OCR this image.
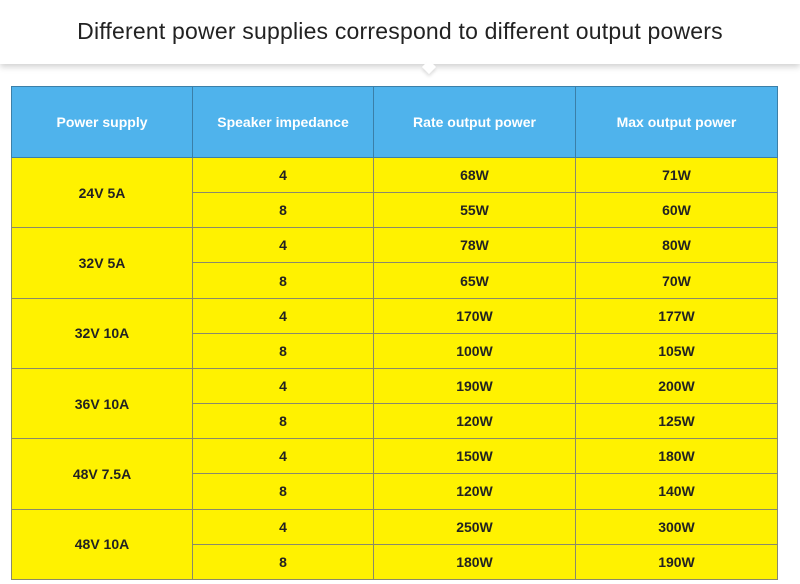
Different power supplies correspond to different output powers
Power supply	Speaker impedance	Rate output power	Max output power
24V 5A	4	68W	71W
	8	55W	60W
32V 5A	4	78W	80W
	8	65W	70W
32V 10A	4	170W	177W
	8	100W	105W
36V 10A	4	190W	200W
	8	120W	125W
48V 7.5A	4	150W	180W
	8	120W	140W
48V 10A	4	250W	300W
	8	180W	190W
